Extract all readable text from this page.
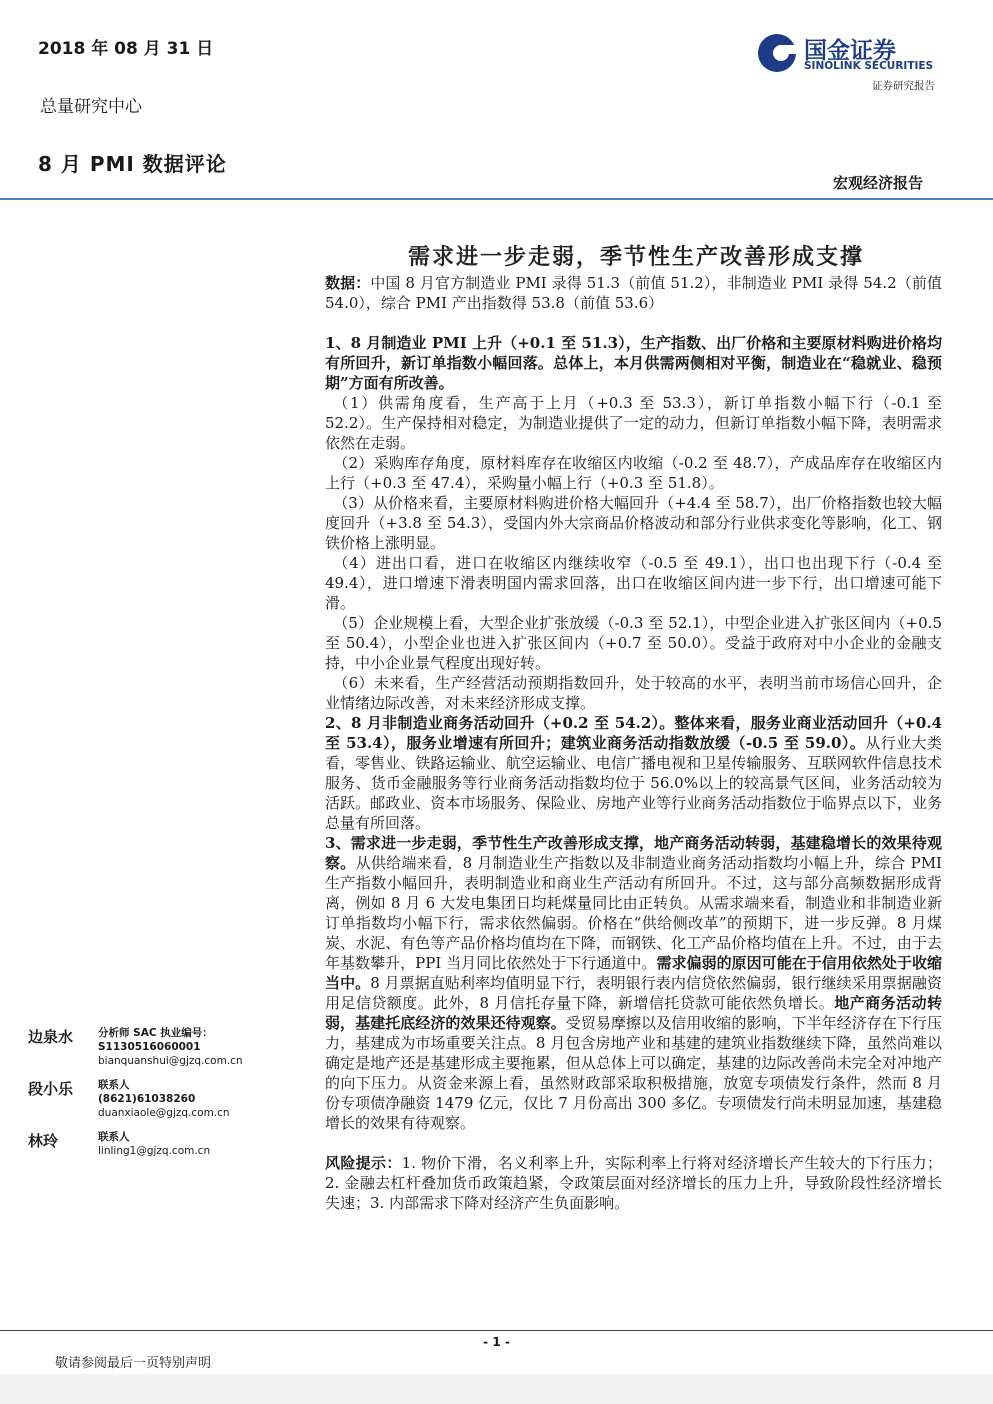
2018 年 08 月 31 日
总量研究中心
8 月 PMI 数据评论
国金证券
SINOLINK SECURITIES
证券研究报告
宏观经济报告
需求进一步走弱，季节性生产改善形成支撑

数据：中国 8 月官方制造业 PMI 录得 51.3（前值 51.2），非制造业 PMI 录得 54.2（前值 54.0），综合 PMI 产出指数得 53.8（前值 53.6）

1、8 月制造业 PMI 上升（+0.1 至 51.3），生产指数、出厂价格和主要原材料购进价格均有所回升，新订单指数小幅回落。总体上，本月供需两侧相对平衡，制造业在“稳就业、稳预期”方面有所改善。

（1）供需角度看，生产高于上月（+0.3 至 53.3），新订单指数小幅下行（-0.1 至 52.2）。生产保持相对稳定，为制造业提供了一定的动力，但新订单指数小幅下降，表明需求依然在走弱。

（2）采购库存角度，原材料库存在收缩区内收缩（-0.2 至 48.7），产成品库存在收缩区内上行（+0.3 至 47.4），采购量小幅上行（+0.3 至 51.8）。

（3）从价格来看，主要原材料购进价格大幅回升（+4.4 至 58.7），出厂价格指数也较大幅度回升（+3.8 至 54.3），受国内外大宗商品价格波动和部分行业供求变化等影响，化工、钢铁价格上涨明显。

（4）进出口看，进口在收缩区内继续收窄（-0.5 至 49.1），出口也出现下行（-0.4 至 49.4），进口增速下滑表明国内需求回落，出口在收缩区间内进一步下行，出口增速可能下滑。

（5）企业规模上看，大型企业扩张放缓（-0.3 至 52.1），中型企业进入扩张区间内（+0.5 至 50.4），小型企业也进入扩张区间内（+0.7 至 50.0）。受益于政府对中小企业的金融支持，中小企业景气程度出现好转。

（6）未来看，生产经营活动预期指数回升，处于较高的水平，表明当前市场信心回升，企业情绪边际改善，对未来经济形成支撑。

2、8 月非制造业商务活动回升（+0.2 至 54.2）。整体来看，服务业商业活动回升（+0.4 至 53.4），服务业增速有所回升；建筑业商务活动指数放缓（-0.5 至 59.0）。从行业大类看，零售业、铁路运输业、航空运输业、电信广播电视和卫星传输服务、互联网软件信息技术服务、货币金融服务等行业商务活动指数均位于 56.0%以上的较高景气区间，业务活动较为活跃。邮政业、资本市场服务、保险业、房地产业等行业商务活动指数位于临界点以下，业务总量有所回落。

3、需求进一步走弱，季节性生产改善形成支撑，地产商务活动转弱，基建稳增长的效果待观察。从供给端来看，8 月制造业生产指数以及非制造业商务活动指数均小幅上升，综合 PMI 生产指数小幅回升，表明制造业和商业生产活动有所回升。不过，这与部分高频数据形成背离，例如 8 月 6 大发电集团日均耗煤量同比由正转负。从需求端来看，制造业和非制造业新订单指数均小幅下行，需求依然偏弱。价格在“供给侧改革”的预期下，进一步反弹。8 月煤炭、水泥、有色等产品价格均值均在下降，而钢铁、化工产品价格均值在上升。不过，由于去年基数攀升，PPI 当月同比依然处于下行通道中。需求偏弱的原因可能在于信用依然处于收缩当中。8 月票据直贴利率均值明显下行，表明银行表内信贷依然偏弱，银行继续采用票据融资用足信贷额度。此外，8 月信托存量下降，新增信托贷款可能依然负增长。地产商务活动转弱，基建托底经济的效果还待观察。受贸易摩擦以及信用收缩的影响，下半年经济存在下行压力，基建成为市场重要关注点。8 月包含房地产业和基建的建筑业指数继续下降，虽然尚难以确定是地产还是基建形成主要拖累，但从总体上可以确定，基建的边际改善尚未完全对冲地产的向下压力。从资金来源上看，虽然财政部采取积极措施，放宽专项债发行条件，然而 8 月份专项债净融资 1479 亿元，仅比 7 月份高出 300 多亿。专项债发行尚未明显加速，基建稳增长的效果有待观察。

风险提示：1. 物价下滑，名义利率上升，实际利率上行将对经济增长产生较大的下行压力；2. 金融去杠杆叠加货币政策趋紧，令政策层面对经济增长的压力上升，导致阶段性经济增长失速；3. 内部需求下降对经济产生负面影响。

边泉水 分析师 SAC 执业编号：S1130516060001
bianquanshui@gjzq.com.cn
段小乐 联系人
(8621)61038260
duanxiaole@gjzq.com.cn
林玲	联系人
linling1@gjzq.com.cn
- 1 -
敬请参阅最后一页特别声明
